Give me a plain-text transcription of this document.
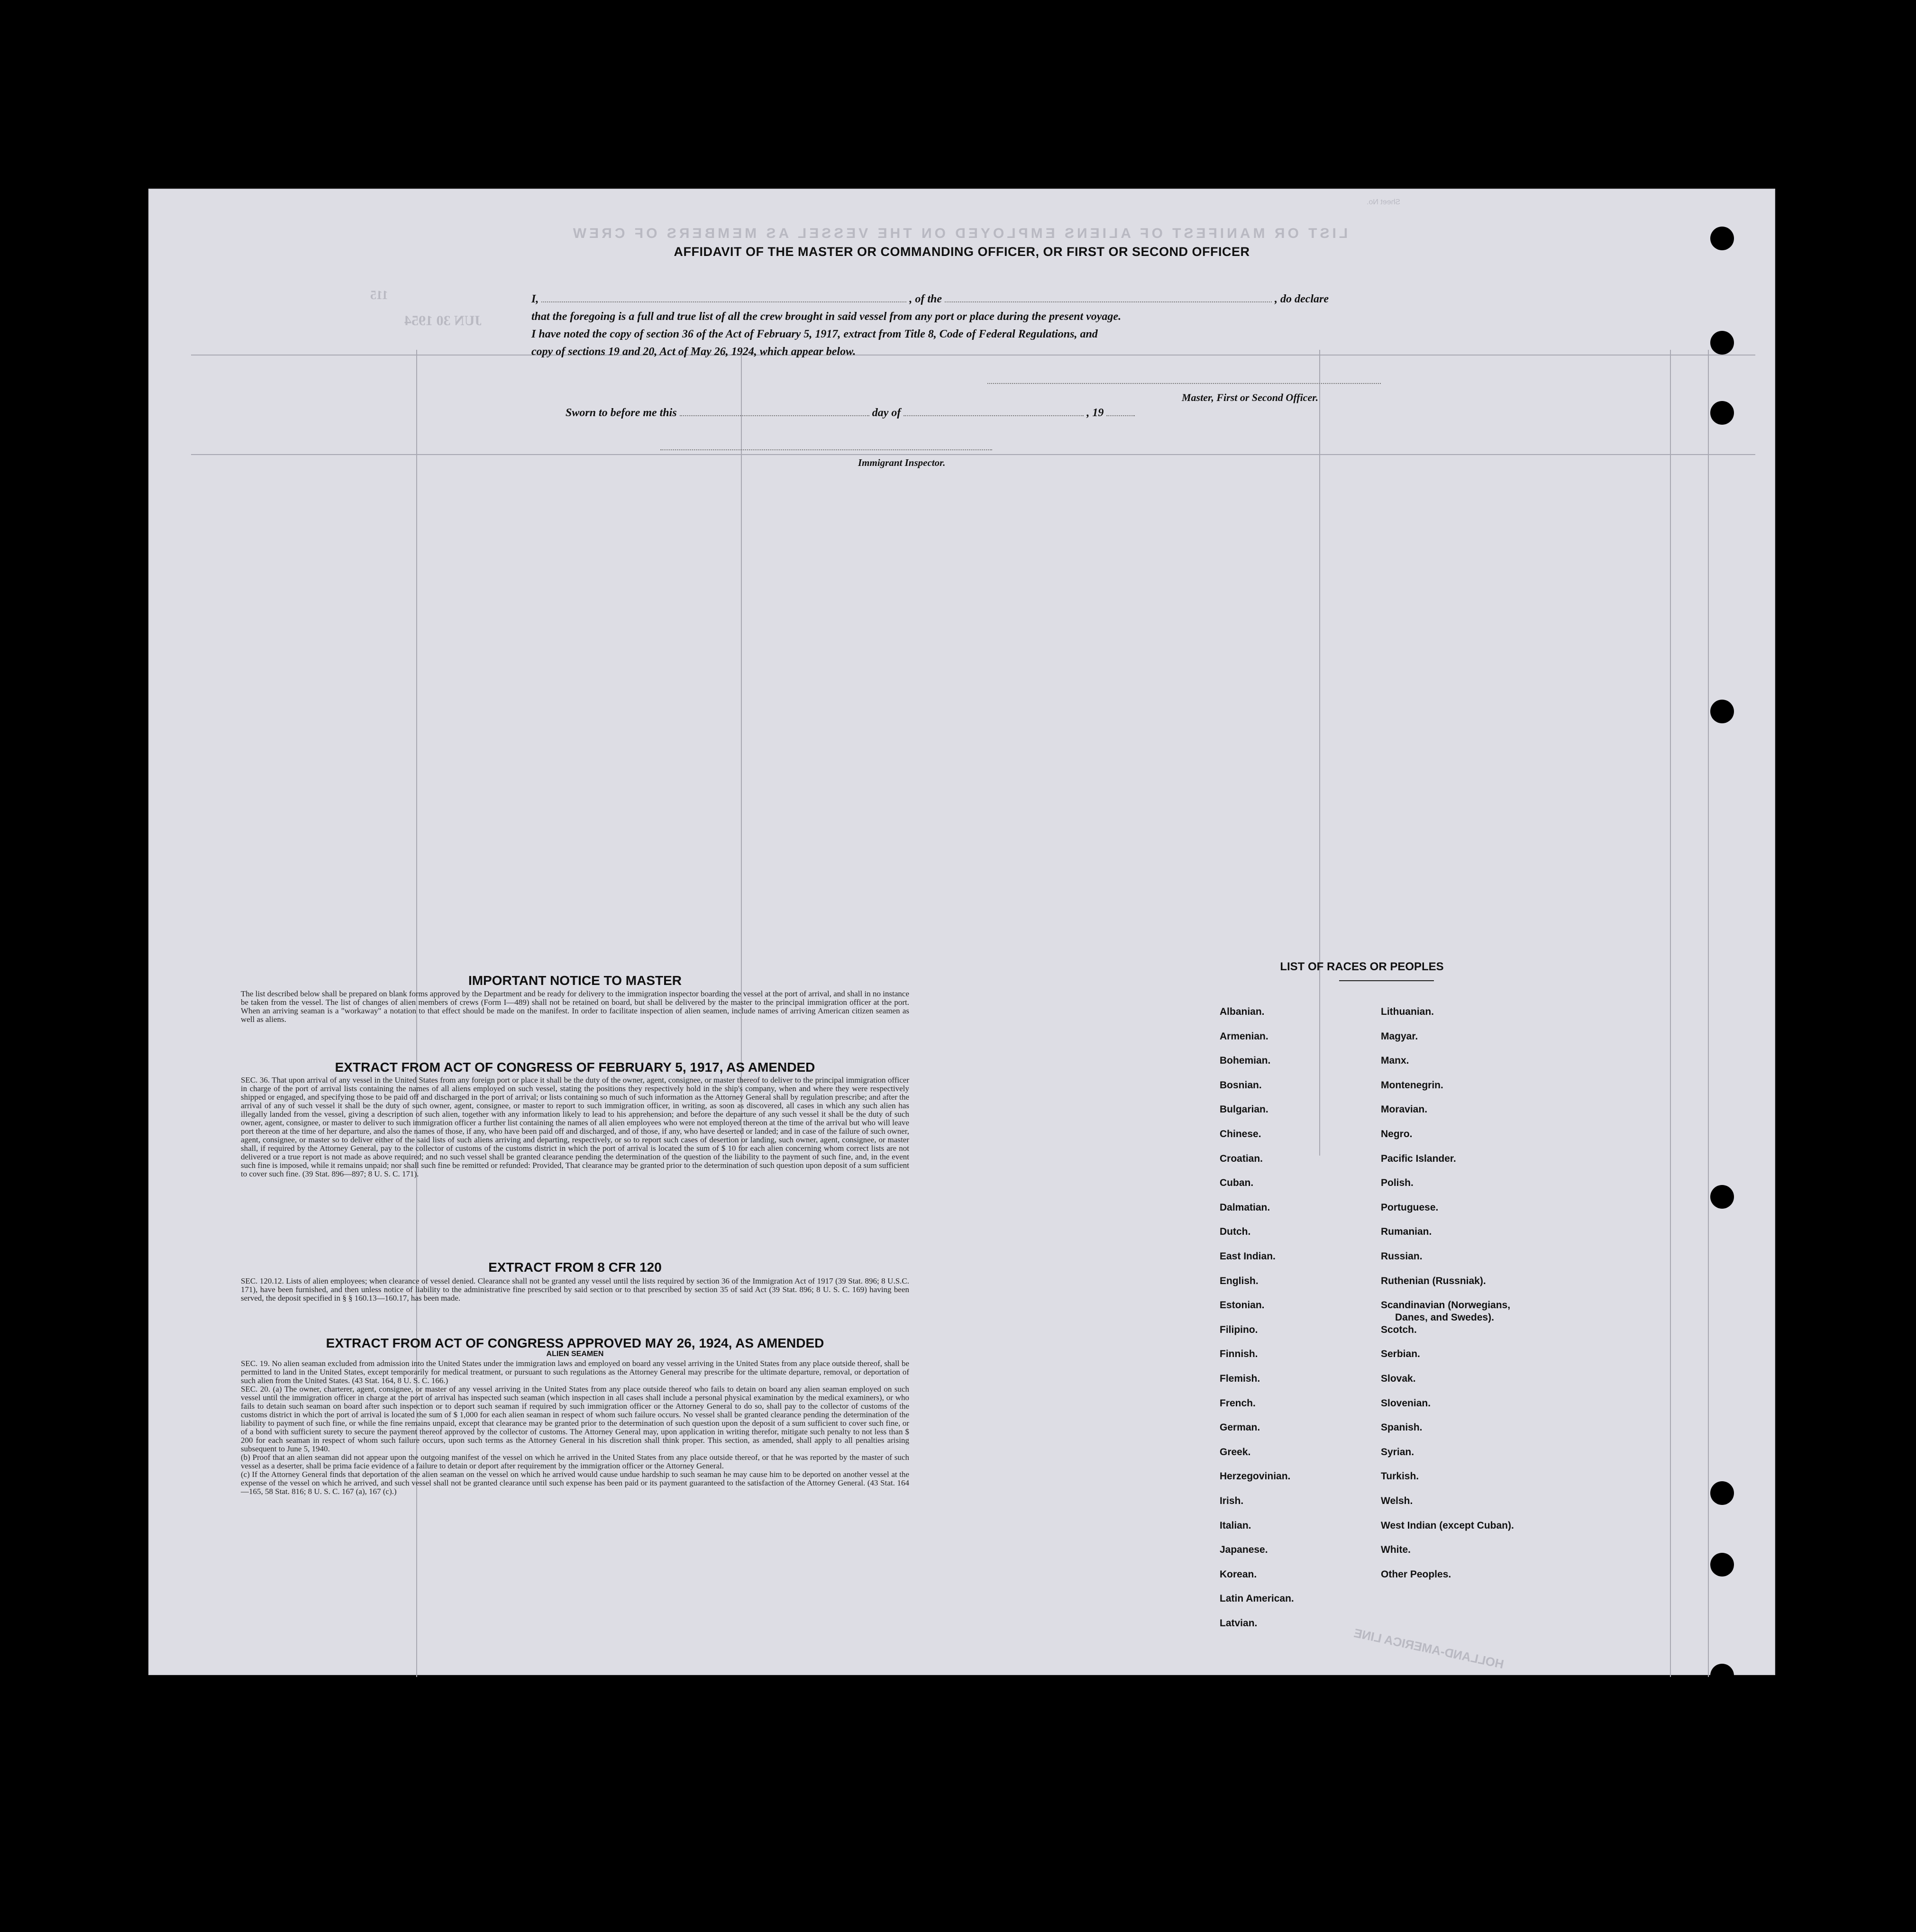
LIST OR MANIFEST OF ALIENS EMPLOYED ON THE VESSEL AS MEMBERS OF CREW
Sheet No.
JUN 30 1954
115
HOLLAND-AMERICA LINE
AFFIDAVIT OF THE MASTER OR COMMANDING OFFICER, OR FIRST OR SECOND OFFICER
I,	, of the	, do declare
that the foregoing is a full and true list of all the crew brought in said vessel from any port or place during the present voyage.
I have noted the copy of section 36 of the Act of February 5, 1917, extract from Title 8, Code of Federal Regulations, and
copy of sections 19 and 20, Act of May 26, 1924, which appear below.
Master, First or Second Officer.
Sworn to before me this	day of	, 19
Immigrant Inspector.
IMPORTANT NOTICE TO MASTER
The list described below shall be prepared on blank forms approved by the Department and be ready for delivery to the immigration inspector boarding the vessel at the port of arrival, and shall in no instance be taken from the vessel. The list of changes of alien members of crews (Form I—489) shall not be retained on board, but shall be delivered by the master to the principal immigration officer at the port. When an arriving seaman is a "workaway" a notation to that effect should be made on the manifest. In order to facilitate inspection of alien seamen, include names of arriving American citizen seamen as well as aliens.
EXTRACT FROM ACT OF CONGRESS OF FEBRUARY 5, 1917, AS AMENDED
SEC. 36. That upon arrival of any vessel in the United States from any foreign port or place it shall be the duty of the owner, agent, consignee, or master thereof to deliver to the principal immigration officer in charge of the port of arrival lists containing the names of all aliens employed on such vessel, stating the positions they respectively hold in the ship's company, when and where they were respectively shipped or engaged, and specifying those to be paid off and discharged in the port of arrival; or lists containing so much of such information as the Attorney General shall by regulation prescribe; and after the arrival of any of such vessel it shall be the duty of such owner, agent, consignee, or master to report to such immigration officer, in writing, as soon as discovered, all cases in which any such alien has illegally landed from the vessel, giving a description of such alien, together with any information likely to lead to his apprehension; and before the departure of any such vessel it shall be the duty of such owner, agent, consignee, or master to deliver to such immigration officer a further list containing the names of all alien employees who were not employed thereon at the time of the arrival but who will leave port thereon at the time of her departure, and also the names of those, if any, who have been paid off and discharged, and of those, if any, who have deserted or landed; and in case of the failure of such owner, agent, consignee, or master so to deliver either of the said lists of such aliens arriving and departing, respectively, or so to report such cases of desertion or landing, such owner, agent, consignee, or master shall, if required by the Attorney General, pay to the collector of customs of the customs district in which the port of arrival is located the sum of $ 10 for each alien concerning whom correct lists are not delivered or a true report is not made as above required; and no such vessel shall be granted clearance pending the determination of the question of the liability to the payment of such fine, and, in the event such fine is imposed, while it remains unpaid; nor shall such fine be remitted or refunded: Provided, That clearance may be granted prior to the determination of such question upon deposit of a sum sufficient to cover such fine. (39 Stat. 896—897; 8 U. S. C. 171).
EXTRACT FROM 8 CFR 120
SEC. 120.12. Lists of alien employees; when clearance of vessel denied. Clearance shall not be granted any vessel until the lists required by section 36 of the Immigration Act of 1917 (39 Stat. 896; 8 U.S.C. 171), have been furnished, and then unless notice of liability to the administrative fine prescribed by said section or to that prescribed by section 35 of said Act (39 Stat. 896; 8 U. S. C. 169) having been served, the deposit specified in § § 160.13—160.17, has been made.
EXTRACT FROM ACT OF CONGRESS APPROVED MAY 26, 1924, AS AMENDED
ALIEN SEAMEN
SEC. 19. No alien seaman excluded from admission into the United States under the immigration laws and employed on board any vessel arriving in the United States from any place outside thereof, shall be permitted to land in the United States, except temporarily for medical treatment, or pursuant to such regulations as the Attorney General may prescribe for the ultimate departure, removal, or deportation of such alien from the United States. (43 Stat. 164, 8 U. S. C. 166.)
SEC. 20. (a) The owner, charterer, agent, consignee, or master of any vessel arriving in the United States from any place outside thereof who fails to detain on board any alien seaman employed on such vessel until the immigration officer in charge at the port of arrival has inspected such seaman (which inspection in all cases shall include a personal physical examination by the medical examiners), or who fails to detain such seaman on board after such inspection or to deport such seaman if required by such immigration officer or the Attorney General to do so, shall pay to the collector of customs of the customs district in which the port of arrival is located the sum of $ 1,000 for each alien seaman in respect of whom such failure occurs. No vessel shall be granted clearance pending the determination of the liability to payment of such fine, or while the fine remains unpaid, except that clearance may be granted prior to the determination of such question upon the deposit of a sum sufficient to cover such fine, or of a bond with sufficient surety to secure the payment thereof approved by the collector of customs. The Attorney General may, upon application in writing therefor, mitigate such penalty to not less than $ 200 for each seaman in respect of whom such failure occurs, upon such terms as the Attorney General in his discretion shall think proper. This section, as amended, shall apply to all penalties arising subsequent to June 5, 1940.
(b) Proof that an alien seaman did not appear upon the outgoing manifest of the vessel on which he arrived in the United States from any place outside thereof, or that he was reported by the master of such vessel as a deserter, shall be prima facie evidence of a failure to detain or deport after requirement by the immigration officer or the Attorney General.
(c) If the Attorney General finds that deportation of the alien seaman on the vessel on which he arrived would cause undue hardship to such seaman he may cause him to be deported on another vessel at the expense of the vessel on which he arrived, and such vessel shall not be granted clearance until such expense has been paid or its payment guaranteed to the satisfaction of the Attorney General. (43 Stat. 164—165, 58 Stat. 816; 8 U. S. C. 167 (a), 167 (c).)
LIST OF RACES OR PEOPLES
Albanian.
Armenian.
Bohemian.
Bosnian.
Bulgarian.
Chinese.
Croatian.
Cuban.
Dalmatian.
Dutch.
East Indian.
English.
Estonian.
Filipino.
Finnish.
Flemish.
French.
German.
Greek.
Herzegovinian.
Irish.
Italian.
Japanese.
Korean.
Latin American.
Latvian.
Lithuanian.
Magyar.
Manx.
Montenegrin.
Moravian.
Negro.
Pacific Islander.
Polish.
Portuguese.
Rumanian.
Russian.
Ruthenian (Russniak).
Scandinavian (Norwegians,
Danes, and Swedes).
Scotch.
Serbian.
Slovak.
Slovenian.
Spanish.
Syrian.
Turkish.
Welsh.
West Indian (except Cuban).
White.
Other Peoples.
